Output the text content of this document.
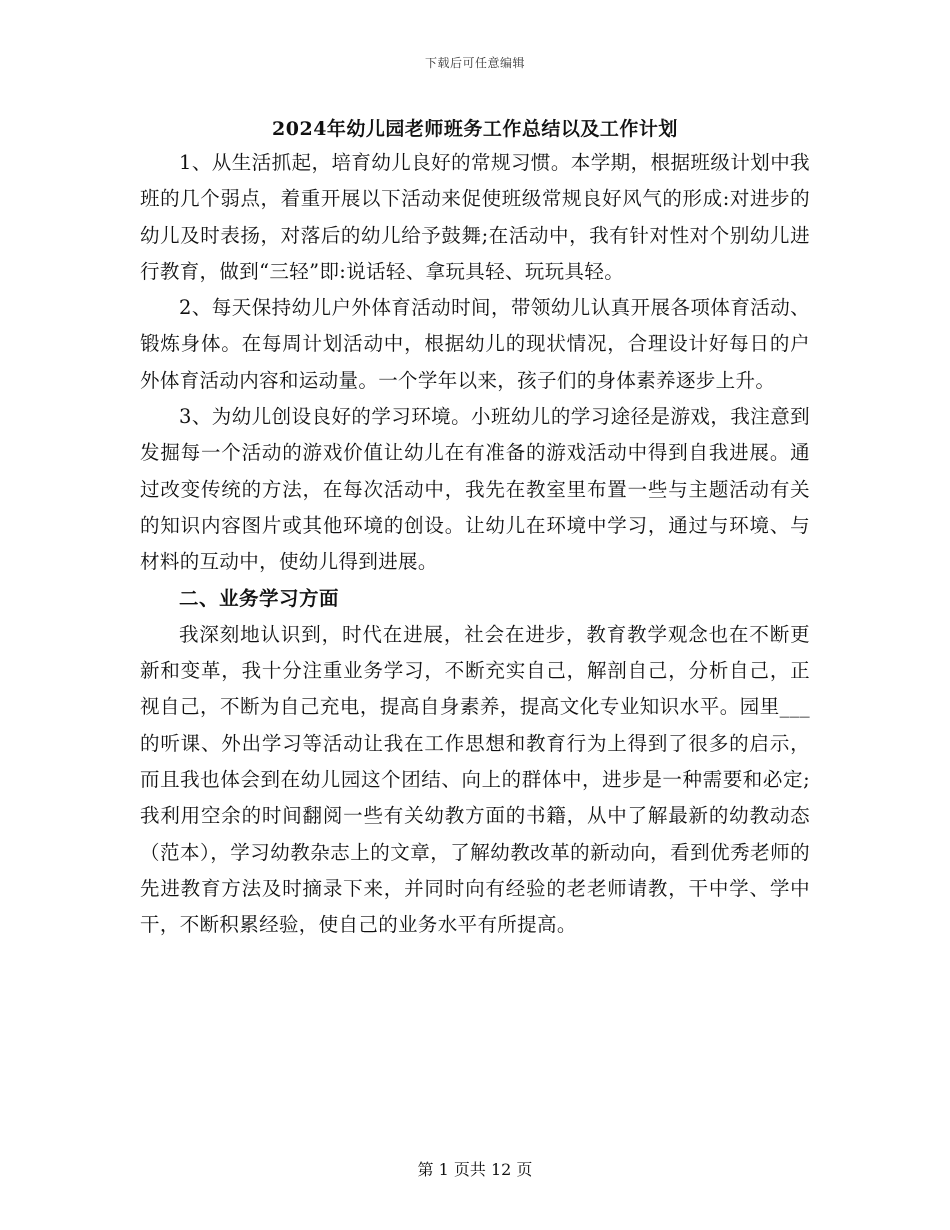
下载后可任意编辑
2024年幼儿园老师班务工作总结以及工作计划

1、从生活抓起，培育幼儿良好的常规习惯。本学期，根据班级计划中我班的几个弱点，着重开展以下活动来促使班级常规良好风气的形成:对进步的幼儿及时表扬，对落后的幼儿给予鼓舞;在活动中，我有针对性对个别幼儿进行教育，做到“三轻”即:说话轻、拿玩具轻、玩玩具轻。

2、每天保持幼儿户外体育活动时间，带领幼儿认真开展各项体育活动、锻炼身体。在每周计划活动中，根据幼儿的现状情况，合理设计好每日的户外体育活动内容和运动量。一个学年以来，孩子们的身体素养逐步上升。

3、为幼儿创设良好的学习环境。小班幼儿的学习途径是游戏，我注意到发掘每一个活动的游戏价值让幼儿在有准备的游戏活动中得到自我进展。通过改变传统的方法，在每次活动中，我先在教室里布置一些与主题活动有关的知识内容图片或其他环境的创设。让幼儿在环境中学习，通过与环境、与材料的互动中，使幼儿得到进展。

二、业务学习方面

我深刻地认识到，时代在进展，社会在进步，教育教学观念也在不断更新和变革，我十分注重业务学习，不断充实自己，解剖自己，分析自己，正视自己，不断为自己充电，提高自身素养，提高文化专业知识水平。园里___的听课、外出学习等活动让我在工作思想和教育行为上得到了很多的启示，而且我也体会到在幼儿园这个团结、向上的群体中，进步是一种需要和必定;我利用空余的时间翻阅一些有关幼教方面的书籍，从中了解最新的幼教动态（范本），学习幼教杂志上的文章，了解幼教改革的新动向，看到优秀老师的先进教育方法及时摘录下来，并同时向有经验的老老师请教，干中学、学中干，不断积累经验，使自己的业务水平有所提高。

第 1 页共 12 页
